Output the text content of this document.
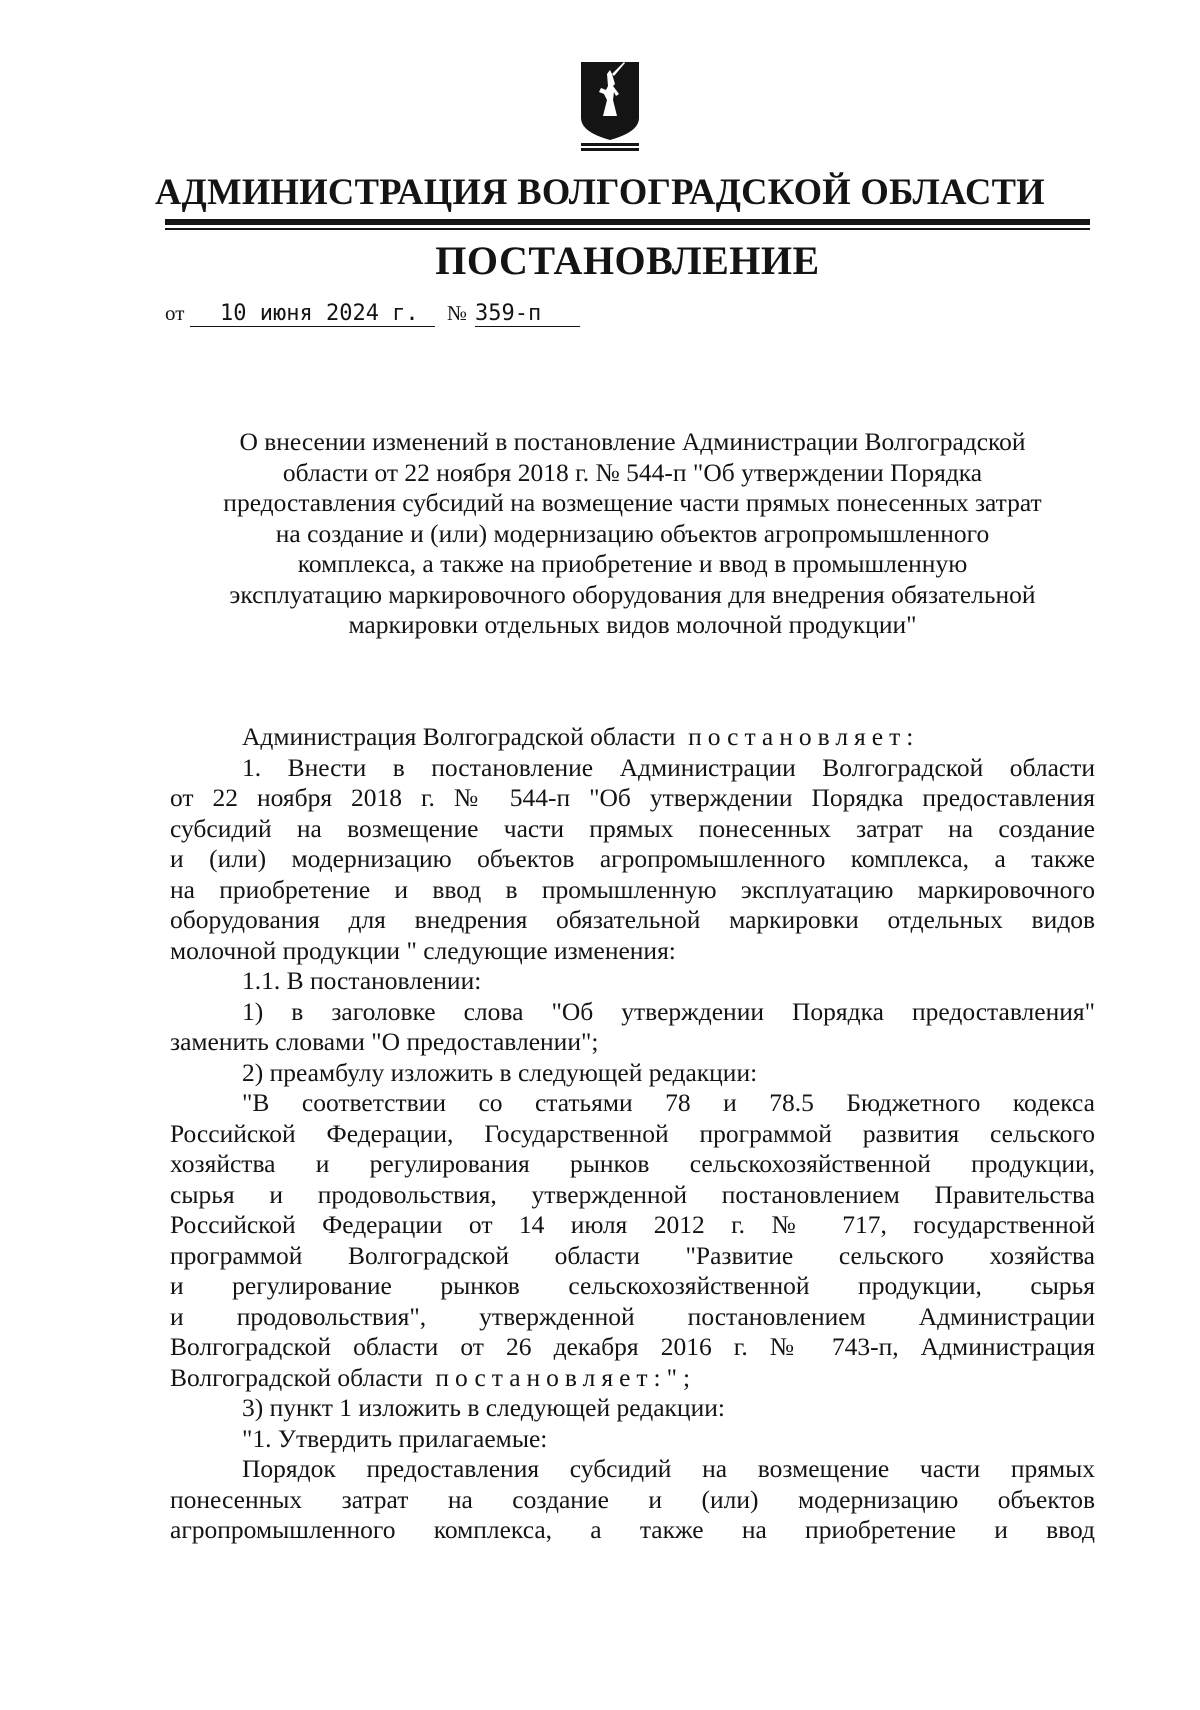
АДМИНИСТРАЦИЯ ВОЛГОГРАДСКОЙ ОБЛАСТИ
ПОСТАНОВЛЕНИЕ
от	10 июня 2024 г.	№ 359-п
О внесении изменений в постановление Администрации Волгоградской
области от 22 ноября 2018 г. № 544-п "Об утверждении Порядка
предоставления субсидий на возмещение части прямых понесенных затрат
на создание и (или) модернизацию объектов агропромышленного
комплекса, а также на приобретение и ввод в промышленную
эксплуатацию маркировочного оборудования для внедрения обязательной
маркировки отдельных видов молочной продукции"
Администрация Волгоградской области постановляет:
1. Внести в постановление Администрации Волгоградской области
от 22 ноября 2018 г. № 544-п "Об утверждении Порядка предоставления
субсидий на возмещение части прямых понесенных затрат на создание
и (или) модернизацию объектов агропромышленного комплекса, а также
на приобретение и ввод в промышленную эксплуатацию маркировочного
оборудования для внедрения обязательной маркировки отдельных видов
молочной продукции " следующие изменения:
1.1. В постановлении:
1) в заголовке слова "Об утверждении Порядка предоставления"
заменить словами "О предоставлении";
2) преамбулу изложить в следующей редакции:
"В соответствии со статьями 78 и 78.5 Бюджетного кодекса
Российской Федерации, Государственной программой развития сельского
хозяйства и регулирования рынков сельскохозяйственной продукции,
сырья и продовольствия, утвержденной постановлением Правительства
Российской Федерации от 14 июля 2012 г. № 717, государственной
программой Волгоградской области "Развитие сельского хозяйства
и регулирование рынков сельскохозяйственной продукции, сырья
и продовольствия", утвержденной постановлением Администрации
Волгоградской области от 26 декабря 2016 г. № 743-п, Администрация
Волгоградской области постановляет:";
3) пункт 1 изложить в следующей редакции:
"1. Утвердить прилагаемые:
Порядок предоставления субсидий на возмещение части прямых
понесенных затрат на создание и (или) модернизацию объектов
агропромышленного комплекса, а также на приобретение и ввод
